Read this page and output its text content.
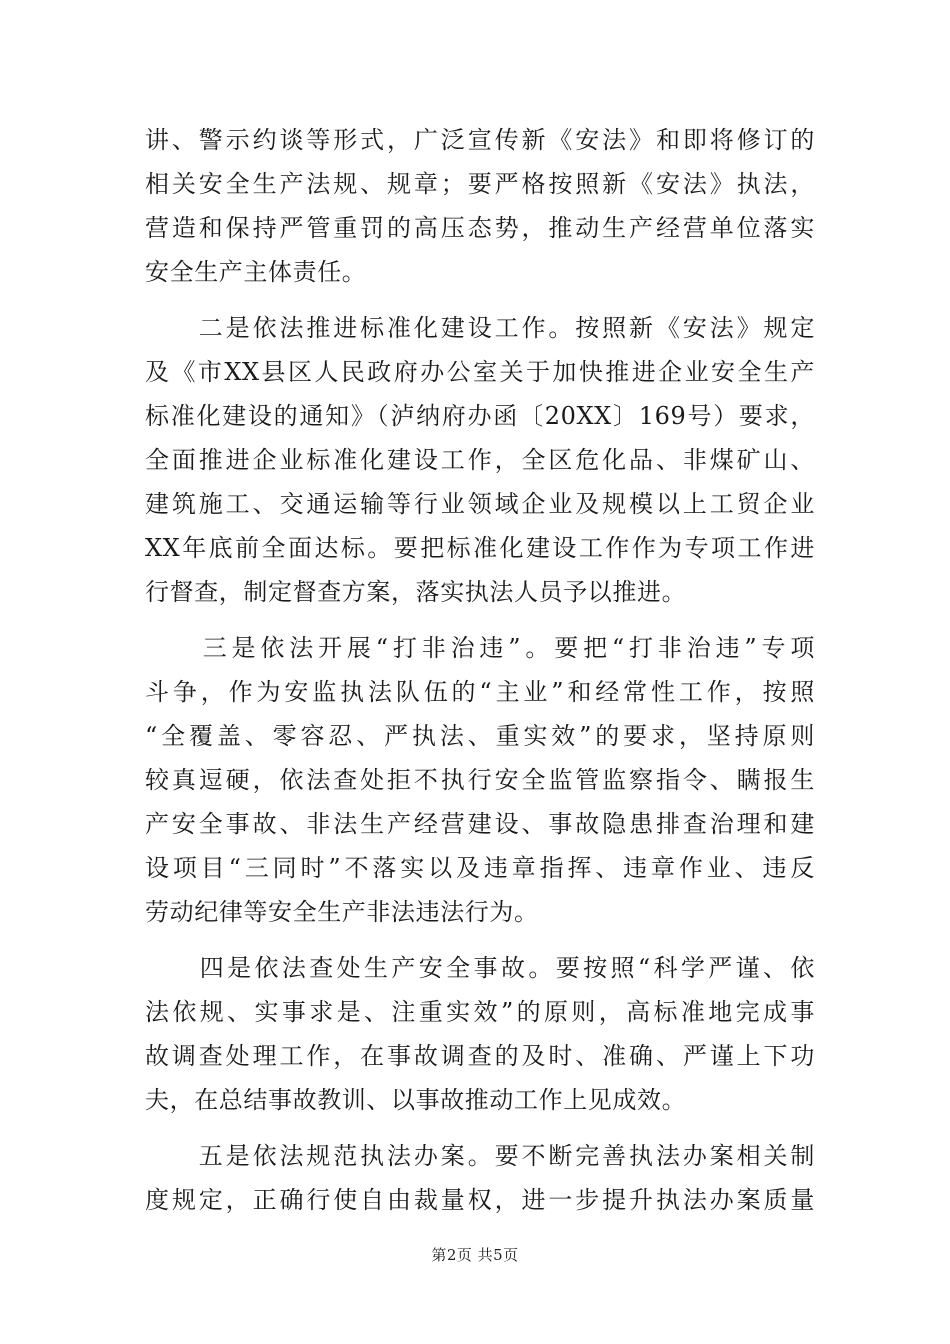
讲、警示约谈等形式，广泛宣传新《安法》和即将修订的
相关安全生产法规、规章；要严格按照新《安法》执法，
营造和保持严管重罚的高压态势，推动生产经营单位落实
安全生产主体责任。
　　二是依法推进标准化建设工作。按照新《安法》规定
及《市XX县区人民政府办公室关于加快推进企业安全生产
标准化建设的通知》（泸纳府办函〔20XX〕169号）要求，
全面推进企业标准化建设工作，全区危化品、非煤矿山、
建筑施工、交通运输等行业领域企业及规模以上工贸企业
XX年底前全面达标。要把标准化建设工作作为专项工作进
行督查，制定督查方案，落实执法人员予以推进。
　　三是依法开展“打非治违”。要把“打非治违”专项
斗争，作为安监执法队伍的“主业”和经常性工作，按照
“全覆盖、零容忍、严执法、重实效”的要求，坚持原则
较真逗硬，依法查处拒不执行安全监管监察指令、瞒报生
产安全事故、非法生产经营建设、事故隐患排查治理和建
设项目“三同时”不落实以及违章指挥、违章作业、违反
劳动纪律等安全生产非法违法行为。
　　四是依法查处生产安全事故。要按照“科学严谨、依
法依规、实事求是、注重实效”的原则，高标准地完成事
故调查处理工作，在事故调查的及时、准确、严谨上下功
夫，在总结事故教训、以事故推动工作上见成效。
　　五是依法规范执法办案。要不断完善执法办案相关制
度规定，正确行使自由裁量权，进一步提升执法办案质量
第2页 共5页
